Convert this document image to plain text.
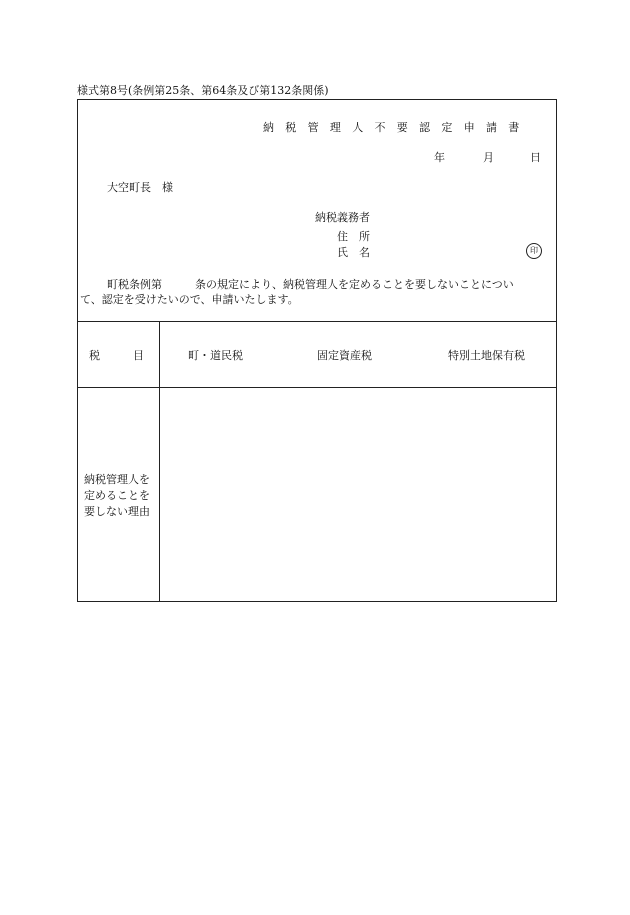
様式第8号(条例第25条、第64条及び第132条関係)
納税管理人不要認定申請書
年	月	日
大空町長　様
納税義務者
住　所
氏　名	印
町税条例第　　　条の規定により、納税管理人を定めることを要しないことについ
て、認定を受けたいので、申請いたします。
税　　　目	町・道民税	固定資産税	特別土地保有税
納税管理人を
定めることを
要しない理由
